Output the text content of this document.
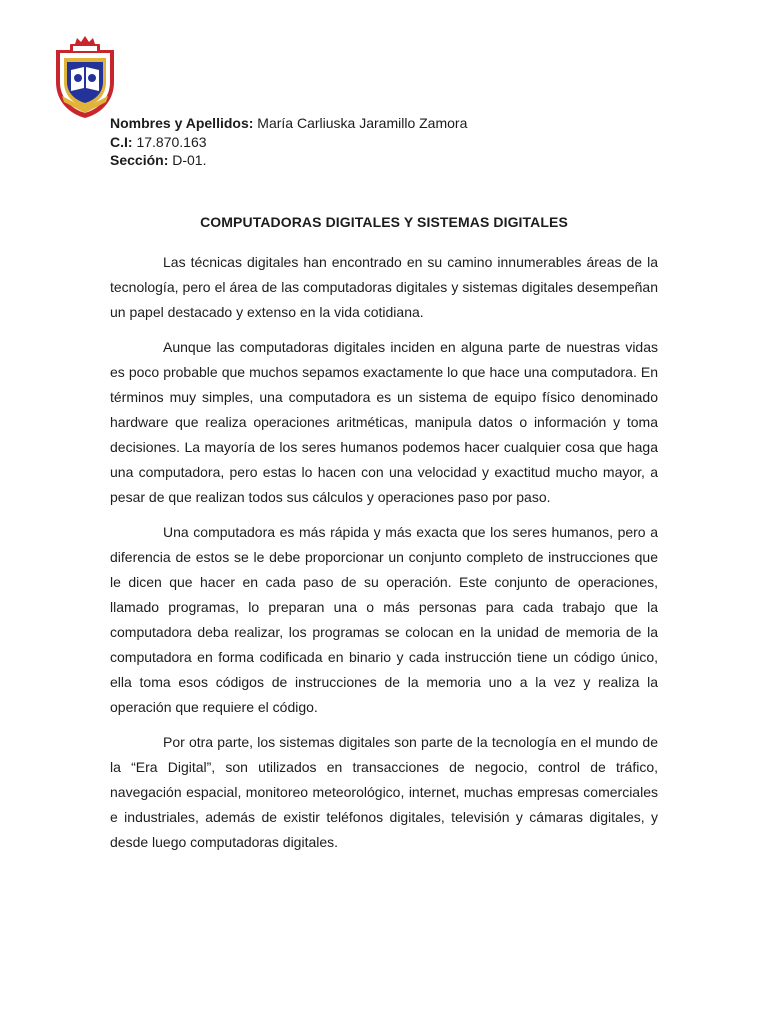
Nombres y Apellidos: María Carliuska Jaramillo Zamora
C.I: 17.870.163
Sección: D-01.
COMPUTADORAS DIGITALES Y SISTEMAS DIGITALES

Las técnicas digitales han encontrado en su camino innumerables áreas de la tecnología, pero el área de las computadoras digitales y sistemas digitales desempeñan un papel destacado y extenso en la vida cotidiana.

Aunque las computadoras digitales inciden en alguna parte de nuestras vidas es poco probable que muchos sepamos exactamente lo que hace una computadora. En términos muy simples, una computadora es un sistema de equipo físico denominado hardware que realiza operaciones aritméticas, manipula datos o información y toma decisiones. La mayoría de los seres humanos podemos hacer cualquier cosa que haga una computadora, pero estas lo hacen con una velocidad y exactitud mucho mayor, a pesar de que realizan todos sus cálculos y operaciones paso por paso.

Una computadora es más rápida y más exacta que los seres humanos, pero a diferencia de estos se le debe proporcionar un conjunto completo de instrucciones que le dicen que hacer en cada paso de su operación. Este conjunto de operaciones, llamado programas, lo preparan una o más personas para cada trabajo que la computadora deba realizar, los programas se colocan en la unidad de memoria de la computadora en forma codificada en binario y cada instrucción tiene un código único, ella toma esos códigos de instrucciones de la memoria uno a la vez y realiza la operación que requiere el código.

Por otra parte, los sistemas digitales son parte de la tecnología en el mundo de la “Era Digital”, son utilizados en transacciones de negocio, control de tráfico, navegación espacial, monitoreo meteorológico, internet, muchas empresas comerciales e industriales, además de existir teléfonos digitales, televisión y cámaras digitales, y desde luego computadoras digitales.
